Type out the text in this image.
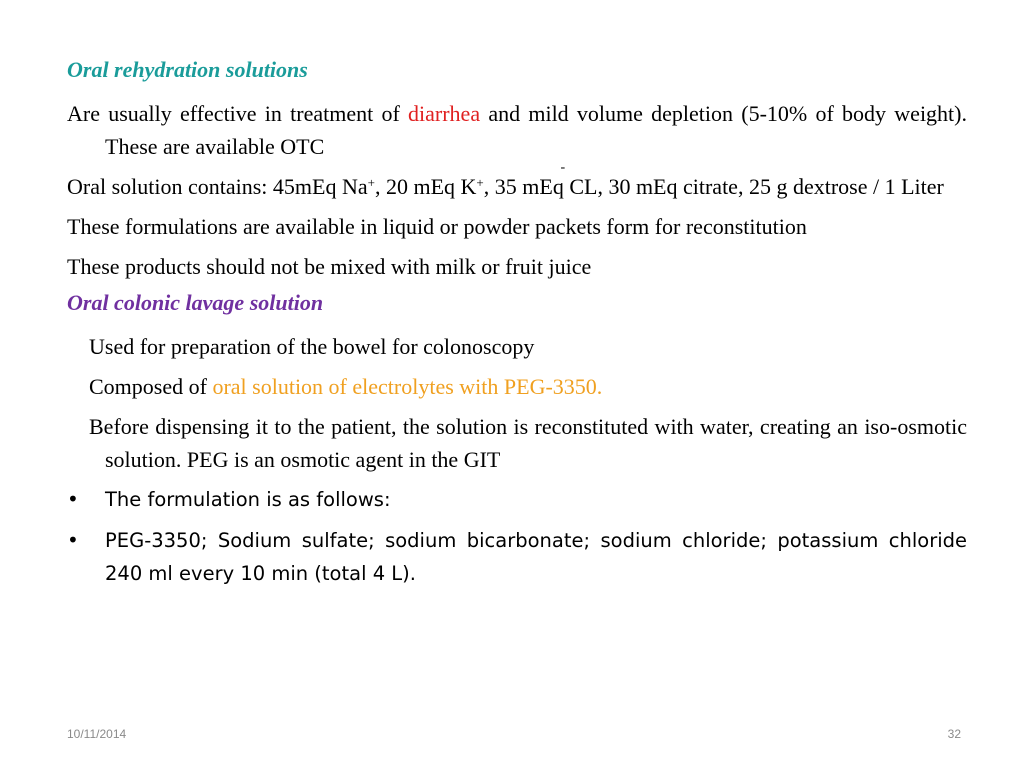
Oral rehydration solutions
Are usually effective in treatment of diarrhea and mild volume depletion (5-10% of body weight). These are available OTC
Oral solution contains: 45mEq Na+, 20 mEq K+, 35 mEq CL
-
, 30 mEq citrate, 25 g dextrose / 1 Liter
These formulations are available in liquid or powder packets form for reconstitution
These products should not be mixed with milk or fruit juice
Oral colonic lavage solution
Used for preparation of the bowel for colonoscopy
Composed of oral solution of electrolytes with PEG-3350.
Before dispensing it to the patient, the solution is reconstituted with water, creating an iso-osmotic solution. PEG is an osmotic agent in the GIT
• The formulation is as follows:
• PEG-3350; Sodium sulfate; sodium bicarbonate; sodium chloride; potassium chloride 240 ml every 10 min (total 4 L).
10/11/2014	32
